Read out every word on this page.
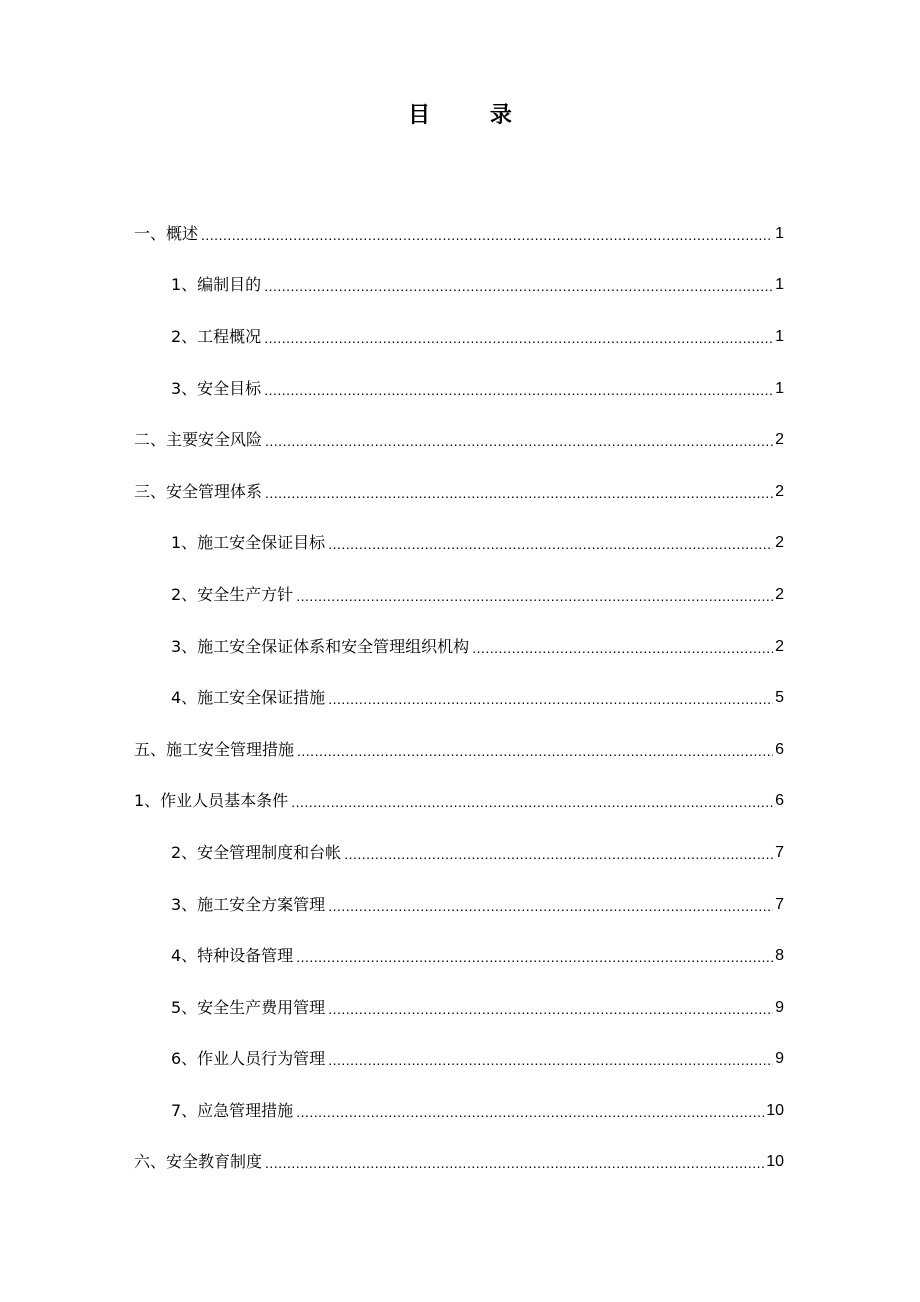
目 录
一、概述 .....	1
1、编制目的 .....	1
2、工程概况 .....	1
3、安全目标 .....	1
二、主要安全风险 .....	2
三、安全管理体系 .....	2
1、施工安全保证目标 .....	2
2、安全生产方针 .....	2
3、施工安全保证体系和安全管理组织机构 .....	2
4、施工安全保证措施 .....	5
五、施工安全管理措施 .....	6
1、作业人员基本条件 .....	6
2、安全管理制度和台帐 .....	7
3、施工安全方案管理 .....	7
4、特种设备管理 .....	8
5、安全生产费用管理 .....	9
6、作业人员行为管理 .....	9
7、应急管理措施 .....	10
六、安全教育制度 .....	10
